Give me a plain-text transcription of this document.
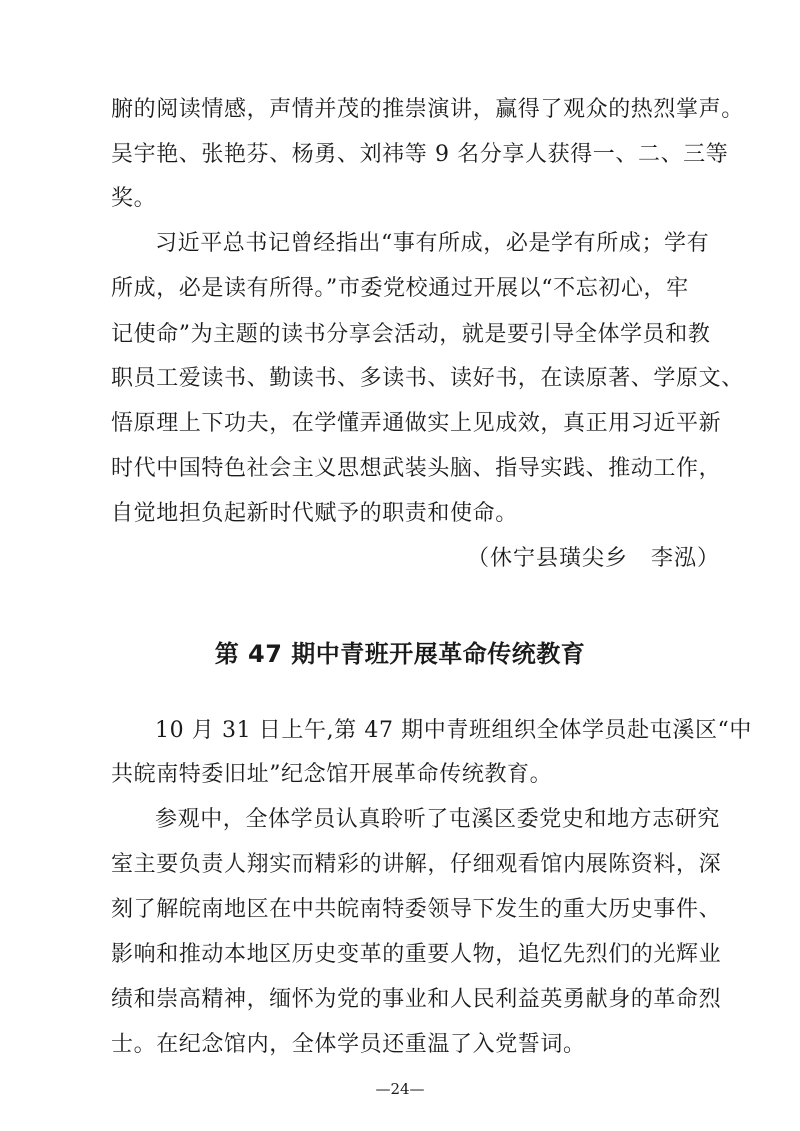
腑的阅读情感，声情并茂的推崇演讲，赢得了观众的热烈掌声。
吴宇艳、张艳芬、杨勇、刘祎等 9 名分享人获得一、二、三等
奖。
习近平总书记曾经指出“事有所成，必是学有所成；学有
所成，必是读有所得。”市委党校通过开展以“不忘初心，牢
记使命”为主题的读书分享会活动，就是要引导全体学员和教
职员工爱读书、勤读书、多读书、读好书，在读原著、学原文、
悟原理上下功夫，在学懂弄通做实上见成效，真正用习近平新
时代中国特色社会主义思想武装头脑、指导实践、推动工作，
自觉地担负起新时代赋予的职责和使命。
（休宁县璜尖乡　李泓）
第 47 期中青班开展革命传统教育
10 月 31 日上午,第 47 期中青班组织全体学员赴屯溪区“中
共皖南特委旧址”纪念馆开展革命传统教育。
参观中，全体学员认真聆听了屯溪区委党史和地方志研究
室主要负责人翔实而精彩的讲解，仔细观看馆内展陈资料，深
刻了解皖南地区在中共皖南特委领导下发生的重大历史事件、
影响和推动本地区历史变革的重要人物，追忆先烈们的光辉业
绩和崇高精神，缅怀为党的事业和人民利益英勇献身的革命烈
士。在纪念馆内，全体学员还重温了入党誓词。
—24—
